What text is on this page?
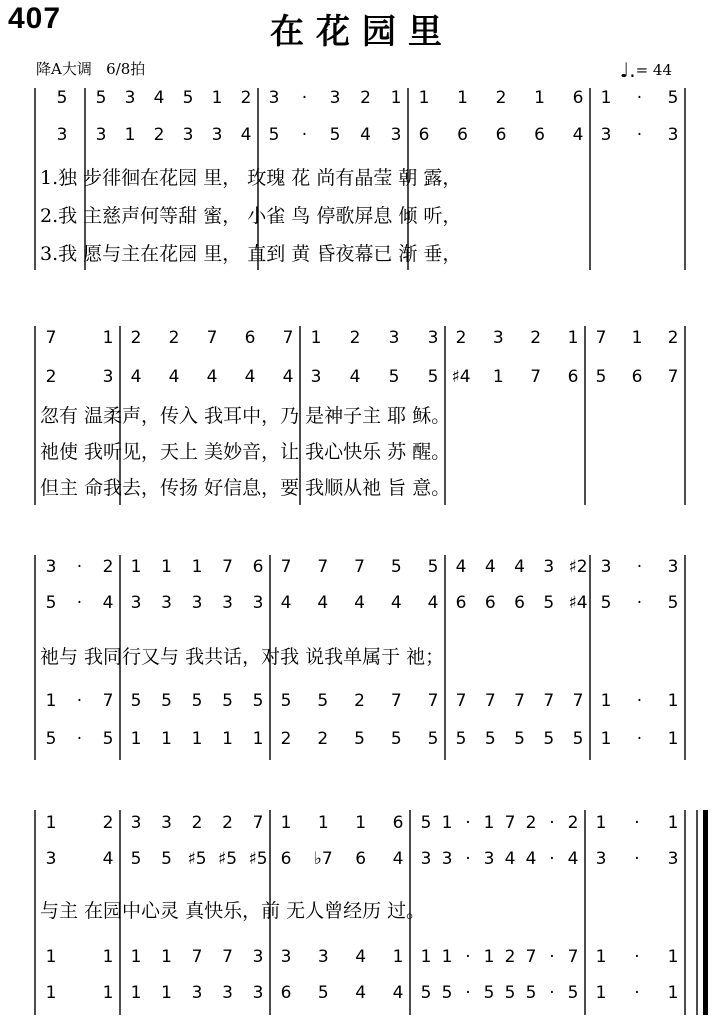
407	在花园里
降A大调 6/8拍	♩.= 44
5 5 3 4 5 1 2 3 · 3 2 1 1 1 2 1 6 1 · 5
3 3 1 2 3 3 4 5 · 5 4 3 6 6 6 6 4 3 · 3
1.独 步徘徊在花园 里， 玫瑰 花 尚有晶莹 朝 露，
2.我 主慈声何等甜 蜜， 小雀 鸟 停歌屏息 倾 听，
3.我 愿与主在花园 里， 直到 黄 昏夜幕已 渐 垂，
7	1 2 2 7 6 7 1 2 3 3 2 3 2 1 7 1 2
2	3 4 4 4 4 4 3 4 5 5 ♯4 1 7 6 5 6 7
忽有 温柔声，传入 我耳中，乃 是神子主 耶 稣。
祂使 我听见，天上 美妙音，让 我心快乐 苏 醒。
但主 命我去，传扬 好信息，要 我顺从祂 旨 意。
3 · 2 1 1 1 7 6 7 7 7 5 5 4 4 4 3 ♯2 3 · 3
5 · 4 3 3 3 3 3 4 4 4 4 4 6 6 6 5 ♯4 5 · 5
1 · 7 5 5 5 5 5 5 5 2 7 7 7 7 7 7 7 1 · 1
5 · 5 1 1 1 1 1 2 2 5 5 5 5 5 5 5 5 1 · 1
祂与 我同行又与 我共话，对我 说我单属于 祂；
1	2 3 3 2 2 7 1 1 1 6 5 1 · 1 7 2 · 2 1 · 1
3	4 5 5 ♯5 ♯5 ♯5 6 ♭7 6 4 3 3 · 3 4 4 · 4 3 · 3
1	1 1 1 7 7 3 3 3 4 1 1 1 · 1 2 7 · 7 1 · 1
1	1 1 1 3 3 3 6 5 4 4 5 5 · 5 5 5 · 5 1 · 1
与主 在园中心灵 真快乐，前 无人曾经历 过。
